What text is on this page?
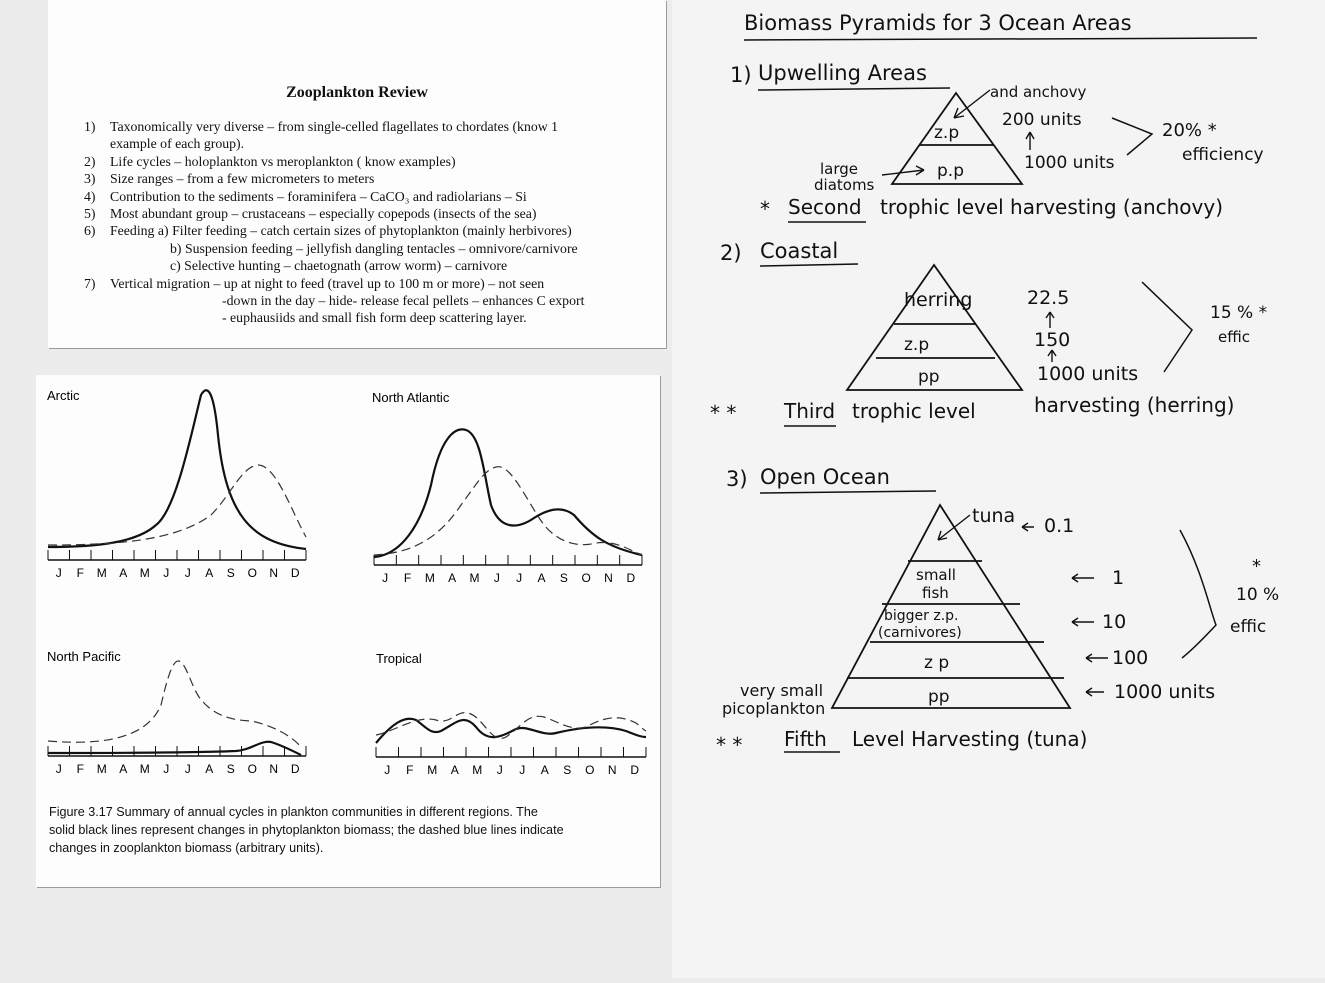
Zooplankton Review
1) Taxonomically very diverse – from single-celled flagellates to chordates (know 1
example of each group).
2) Life cycles – holoplankton vs meroplankton ( know examples)
3) Size ranges – from a few micrometers to meters
4) Contribution to the sediments – foraminifera – CaCO₃ and radiolarians – Si
5) Most abundant group – crustaceans – especially copepods (insects of the sea)
6) Feeding a) Filter feeding – catch certain sizes of phytoplankton (mainly herbivores)
b) Suspension feeding – jellyfish dangling tentacles – omnivore/carnivore
c) Selective hunting – chaetognath (arrow worm) – carnivore
7) Vertical migration – up at night to feed (travel up to 100 m or more) – not seen
-down in the day – hide- release fecal pellets – enhances C export
- euphausiids and small fish form deep scattering layer.
Arctic
J F M A M J J A S O N D
North Atlantic
J F M A M J J A S O N D
North Pacific
J F M A M J J A S O N D
Tropical
J F M A M J J A S O N D
Figure 3.17 Summary of annual cycles in plankton communities in different regions. The
solid black lines represent changes in phytoplankton biomass; the dashed blue lines indicate
changes in zooplankton biomass (arbitrary units).
Biomass Pyramids for 3 Ocean Areas
1) Upwelling Areas
z.p
p.p
and anchovy
large
diatoms
200 units
1000 units
20% *
efficiency
* Second trophic level harvesting (anchovy)
2) Coastal
herring
z.p
pp
22.5
150
1000 units
15 % *
effic
* * Third trophic level	harvesting (herring)
3) Open Ocean
tuna
small
fish
bigger z.p.
(carnivores)
z p
pp
very small
picoplankton
0.1
1
10
100
1000 units
*
10 %
effic
* * Fifth Level Harvesting (tuna)
